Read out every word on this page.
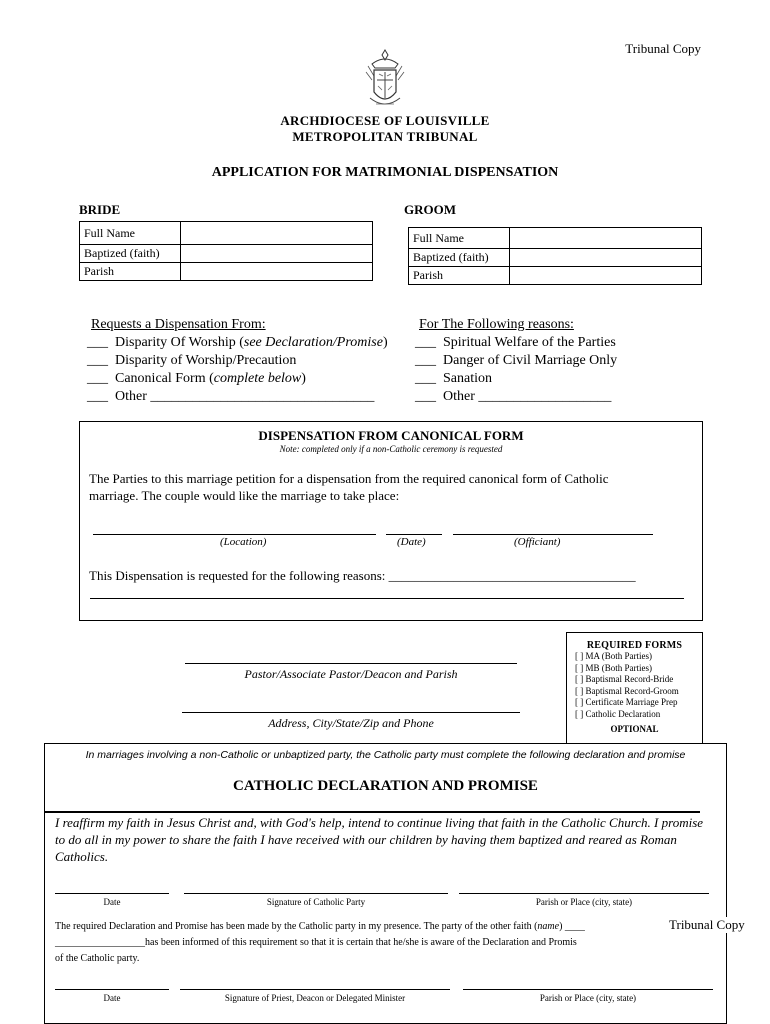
Tribunal Copy
ARCHDIOCESE OF LOUISVILLE
METROPOLITAN TRIBUNAL
APPLICATION FOR MATRIMONIAL DISPENSATION
BRIDE
Full Name	
Baptized (faith)	
Parish	
GROOM
Full Name	
Baptized (faith)	
Parish	
Requests a Dispensation From:
___ Disparity Of Worship (see Declaration/Promise)
___ Disparity of Worship/Precaution
___ Canonical Form (complete below)
___ Other ________________________________
For The Following reasons:
___ Spiritual Welfare of the Parties
___ Danger of Civil Marriage Only
___ Sanation
___ Other ___________________
DISPENSATION FROM CANONICAL FORM
Note: completed only if a non-Catholic ceremony is requested
The Parties to this marriage petition for a dispensation from the required canonical form of Catholic
marriage. The couple would like the marriage to take place:
(Location)	(Date)	(Officiant)
This Dispensation is requested for the following reasons: ______________________________________
Pastor/Associate Pastor/Deacon and Parish
Address, City/State/Zip and Phone
REQUIRED FORMS
[ ] MA (Both Parties)
[ ] MB (Both Parties)
[ ] Baptismal Record-Bride
[ ] Baptismal Record-Groom
[ ] Certificate Marriage Prep
[ ] Catholic Declaration
OPTIONAL
In marriages involving a non-Catholic or unbaptized party, the Catholic party must complete the following declaration and promise
CATHOLIC DECLARATION AND PROMISE
I reaffirm my faith in Jesus Christ and, with God's help, intend to continue living that faith in the Catholic Church. I promise to do all in my power to share the faith I have received with our children by having them baptized and reared as Roman Catholics.
Date	Signature of Catholic Party	Parish or Place (city, state)
The required Declaration and Promise has been made by the Catholic party in my presence. The party of the other faith (name) ____
__________________has been informed of this requirement so that it is certain that he/she is aware of the Declaration and Promis
of the Catholic party.
Date	Signature of Priest, Deacon or Delegated Minister	Parish or Place (city, state)
Tribunal Copy
